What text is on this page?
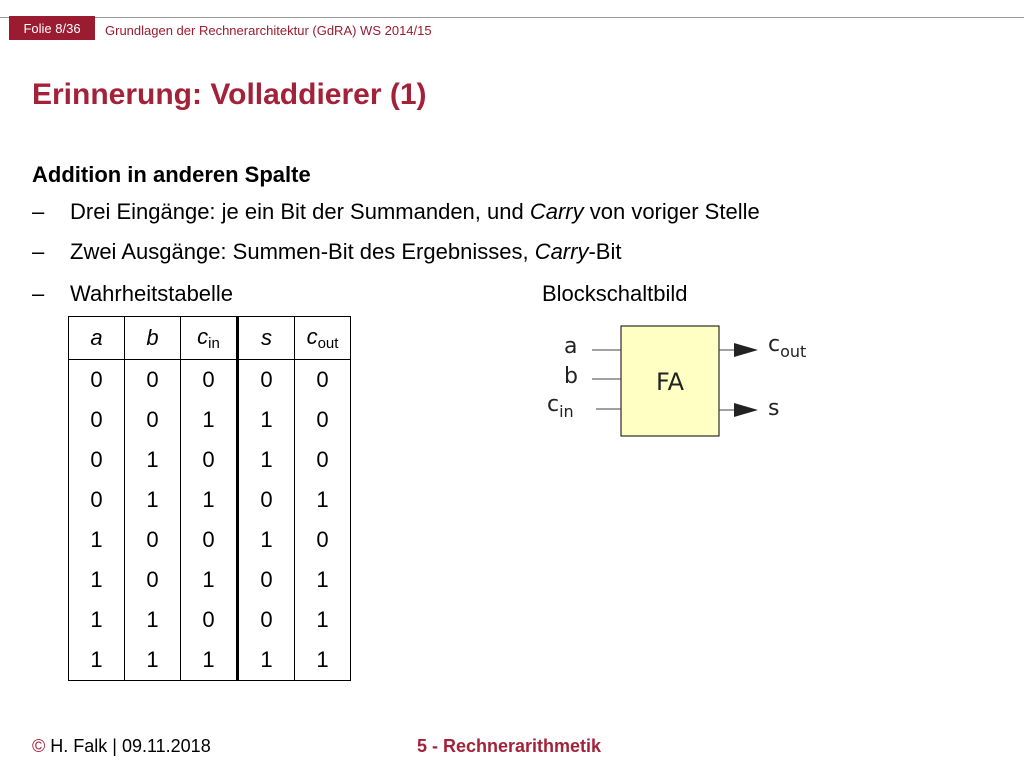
Folie 8/36	Grundlagen der Rechnerarchitektur (GdRA) WS 2014/15
Erinnerung: Volladdierer (1)
Addition in anderen Spalte
– Drei Eingänge: je ein Bit der Summanden, und Carry von voriger Stelle
– Zwei Ausgänge: Summen-Bit des Ergebnisses, Carry-Bit
– Wahrheitstabelle	Blockschaltbild
a	b	$c_{in}$	s	$c_{out}$
0	0	0	0	0
0	0	1	1	0
0	1	0	1	0
0	1	1	0	1
1	0	0	1	0
1	0	1	0	1
1	1	0	0	1
1	1	1	1	1
FA
a
b
$c_{in}$
$c_{out}$
s
© H. Falk | 09.11.2018	5 - Rechnerarithmetik
